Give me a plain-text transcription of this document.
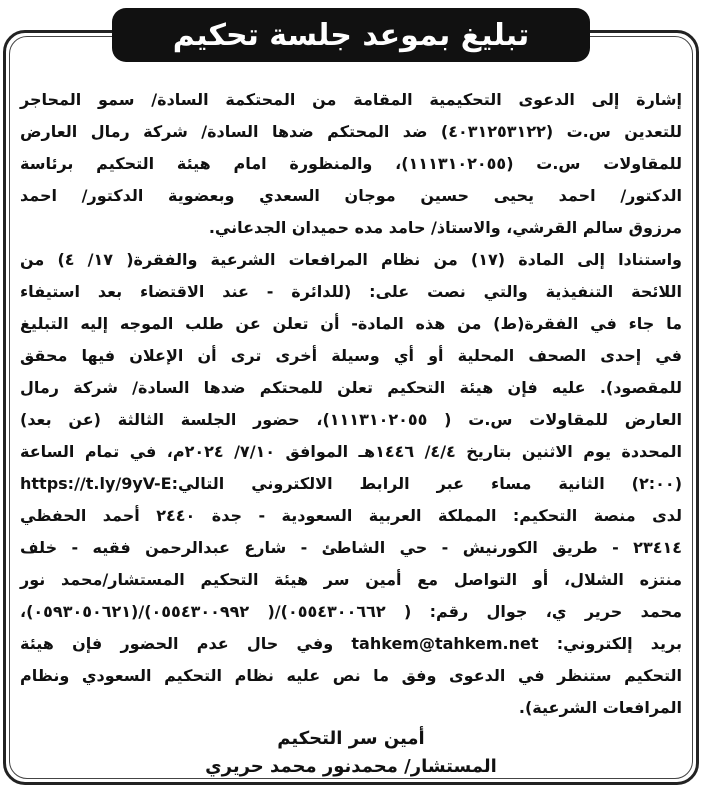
تبليغ بموعد جلسة تحكيم
إشارة إلى الدعوى التحكيمية المقامة من المحتكمة السادة/ سمو المحاجر
للتعدين س.ت (٤٠٣١٢٥٣١٢٢) ضد المحتكم ضدها السادة/ شركة رمال العارض
للمقاولات س.ت (١١١٣١٠٢٠٥٥)، والمنظورة امام هيئة التحكيم برئاسة
الدكتور/ احمد يحيى حسين موجان السعدي وبعضوية الدكتور/ احمد
مرزوق سالم القرشي، والاستاذ/ حامد مده حميدان الجدعاني.
واستنادا إلى المادة (١٧) من نظام المرافعات الشرعية والفقرة( ١٧/ ٤) من
اللائحة التنفيذية والتي نصت على: (للدائرة - عند الاقتضاء بعد استيفاء
ما جاء في الفقرة(ط) من هذه المادة- أن تعلن عن طلب الموجه إليه التبليغ
في إحدى الصحف المحلية أو أي وسيلة أخرى ترى أن الإعلان فيها محقق
للمقصود). عليه فإن هيئة التحكيم تعلن للمحتكم ضدها السادة/ شركة رمال
العارض للمقاولات س.ت ( ١١١٣١٠٢٠٥٥)، حضور الجلسة الثالثة (عن بعد)
المحددة يوم الاثنين بتاريخ ٤/٤/ ١٤٤٦هـ الموافق ٧/١٠/ ٢٠٢٤م، في تمام الساعة
(٢:٠٠) الثانية مساء عبر الرابط الالكتروني التالي:https://t.ly/9yV-E
لدى منصة التحكيم: المملكة العربية السعودية - جدة ٢٤٤٠ أحمد الحفظي
٢٣٤١٤ - طريق الكورنيش - حي الشاطئ - شارع عبدالرحمن فقيه - خلف
منتزه الشلال، أو التواصل مع أمين سر هيئة التحكيم المستشار/محمد نور
محمد حرير ي، جوال رقم: ( ٠٥٥٤٣٠٠٦٦٢)/( ٠٥٥٤٣٠٠٩٩٢)/(٠٥٩٣٠٥٠٦٢١)،
بريد إلكتروني: tahkem@tahkem.net وفي حال عدم الحضور فإن هيئة
التحكيم ستنظر في الدعوى وفق ما نص عليه نظام التحكيم السعودي ونظام
المرافعات الشرعية).
أمين سر التحكيم
المستشار/ محمدنور محمد حريري
